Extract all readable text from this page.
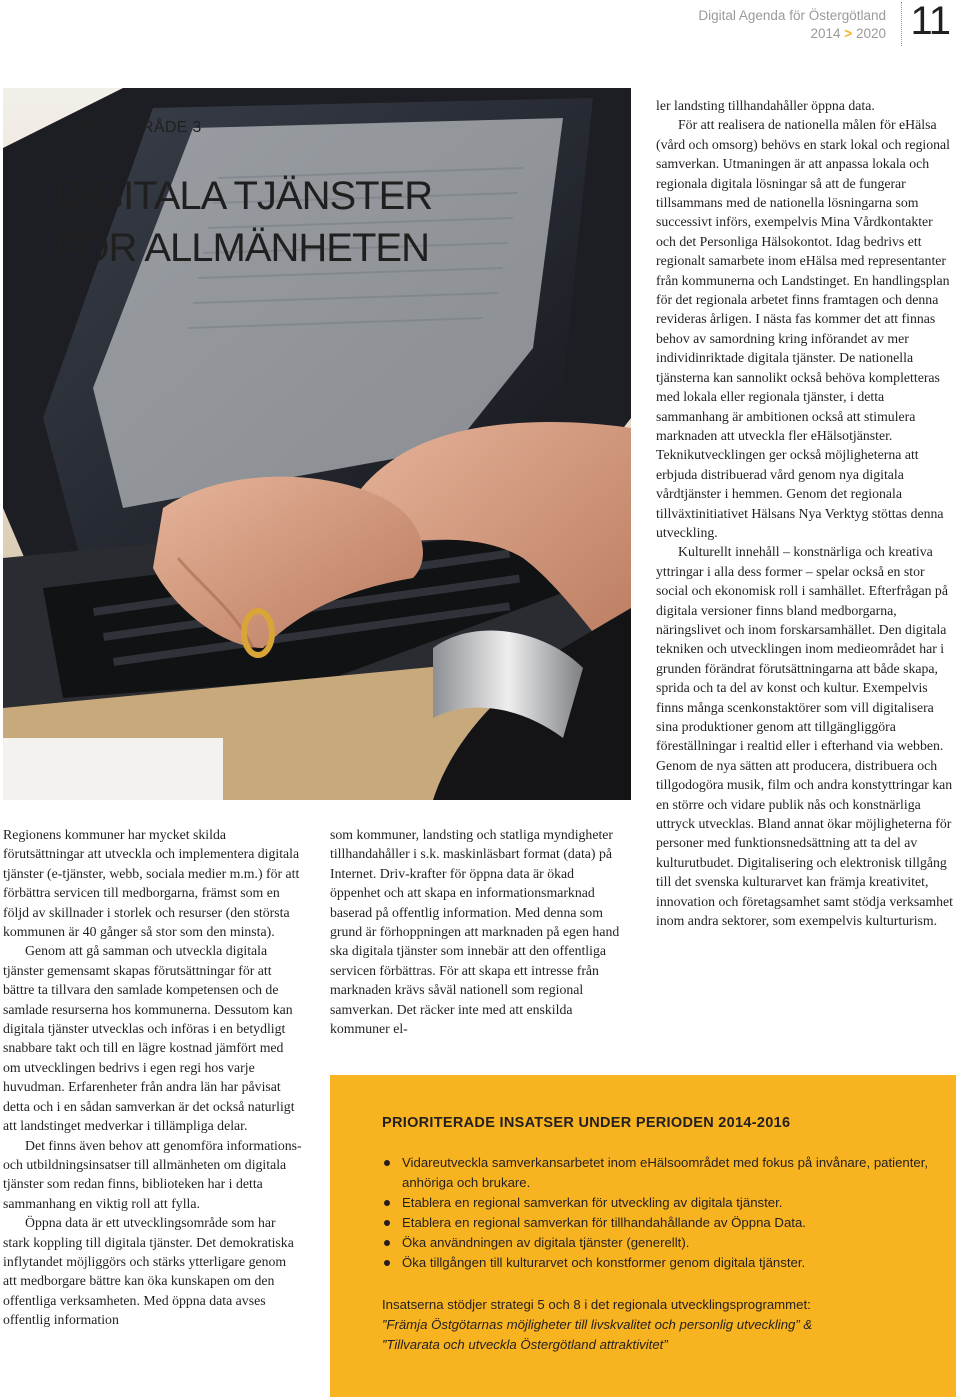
Digital Agenda för Östergötland
2014 > 2020 11
FOKUSOMRÅDE 3
DIGITALA TJÄNSTER
FÖR ALLMÄNHETEN

Regionens kommuner har mycket skilda förutsättningar att utveckla och implementera digitala tjänster (e-tjänster, webb, sociala medier m.m.) för att förbättra servicen till medborgarna, främst som en följd av skillnader i storlek och resurser (den största kommunen är 40 gånger så stor som den minsta).

Genom att gå samman och utveckla digitala tjänster gemensamt skapas förutsättningar för att bättre ta tillvara den samlade kompetensen och de samlade resurserna hos kommunerna. Dessutom kan digitala tjänster utvecklas och införas i en betydligt snabbare takt och till en lägre kostnad jämfört med om utvecklingen bedrivs i egen regi hos varje huvudman. Erfarenheter från andra län har påvisat detta och i en sådan samverkan är det också naturligt att landstinget medverkar i tillämpliga delar.

Det finns även behov att genomföra informations- och utbildningsinsatser till allmänheten om digitala tjänster som redan finns, biblioteken har i detta sammanhang en viktig roll att fylla.

Öppna data är ett utvecklingsområde som har stark koppling till digitala tjänster. Det demokratiska inflytandet möjliggörs och stärks ytterligare genom att medborgare bättre kan öka kunskapen om den offentliga verksamheten. Med öppna data avses offentlig information

som kommuner, landsting och statliga myndigheter tillhandahåller i s.k. maskinläsbart format (data) på Internet. Driv-krafter för öppna data är ökad öppenhet och att skapa en informationsmarknad baserad på offentlig information. Med denna som grund är förhoppningen att marknaden på egen hand ska digitala tjänster som innebär att den offentliga servicen förbättras. För att skapa ett intresse från marknaden krävs såväl nationell som regional samverkan. Det räcker inte med att enskilda kommuner el-

ler landsting tillhandahåller öppna data.

För att realisera de nationella målen för eHälsa (vård och omsorg) behövs en stark lokal och regional samverkan. Utmaningen är att anpassa lokala och regionala digitala lösningar så att de fungerar tillsammans med de nationella lösningarna som successivt införs, exempelvis Mina Vårdkontakter och det Personliga Hälsokontot. Idag bedrivs ett regionalt samarbete inom eHälsa med representanter från kommunerna och Landstinget. En handlingsplan för det regionala arbetet finns framtagen och denna revideras årligen. I nästa fas kommer det att finnas behov av samordning kring införandet av mer individinriktade digitala tjänster. De nationella tjänsterna kan sannolikt också behöva kompletteras med lokala eller regionala tjänster, i detta sammanhang är ambitionen också att stimulera marknaden att utveckla fler eHälsotjänster. Teknikutvecklingen ger också möjligheterna att erbjuda distribuerad vård genom nya digitala vårdtjänster i hemmen. Genom det regionala tillväxtinitiativet Hälsans Nya Verktyg stöttas denna utveckling.

Kulturellt innehåll – konstnärliga och kreativa yttringar i alla dess former – spelar också en stor social och ekonomisk roll i samhället. Efterfrågan på digitala versioner finns bland medborgarna, näringslivet och inom forskarsamhället. Den digitala tekniken och utvecklingen inom medieområdet har i grunden förändrat förutsättningarna att både skapa, sprida och ta del av konst och kultur. Exempelvis finns många scenkonstaktörer som vill digitalisera sina produktioner genom att tillgängliggöra föreställningar i realtid eller i efterhand via webben. Genom de nya sätten att producera, distribuera och tillgodogöra musik, film och andra konstyttringar kan en större och vidare publik nås och konstnärliga uttryck utvecklas. Bland annat ökar möjligheterna för personer med funktionsnedsättning att ta del av kulturutbudet. Digitalisering och elektronisk tillgång till det svenska kulturarvet kan främja kreativitet, innovation och företagsamhet samt stödja verksamhet inom andra sektorer, som exempelvis kulturturism.

PRIORITERADE INSATSER UNDER PERIODEN 2014-2016
Vidareutveckla samverkansarbetet inom eHälsoområdet med fokus på invånare, patienter, anhöriga och brukare.
Etablera en regional samverkan för utveckling av digitala tjänster.
Etablera en regional samverkan för tillhandahållande av Öppna Data.
Öka användningen av digitala tjänster (generellt).
Öka tillgången till kulturarvet och konstformer genom digitala tjänster.
Insatserna stödjer strategi 5 och 8 i det regionala utvecklingsprogrammet:
”Främja Östgötarnas möjligheter till livskvalitet och personlig utveckling” &
”Tillvarata och utveckla Östergötland attraktivitet”
